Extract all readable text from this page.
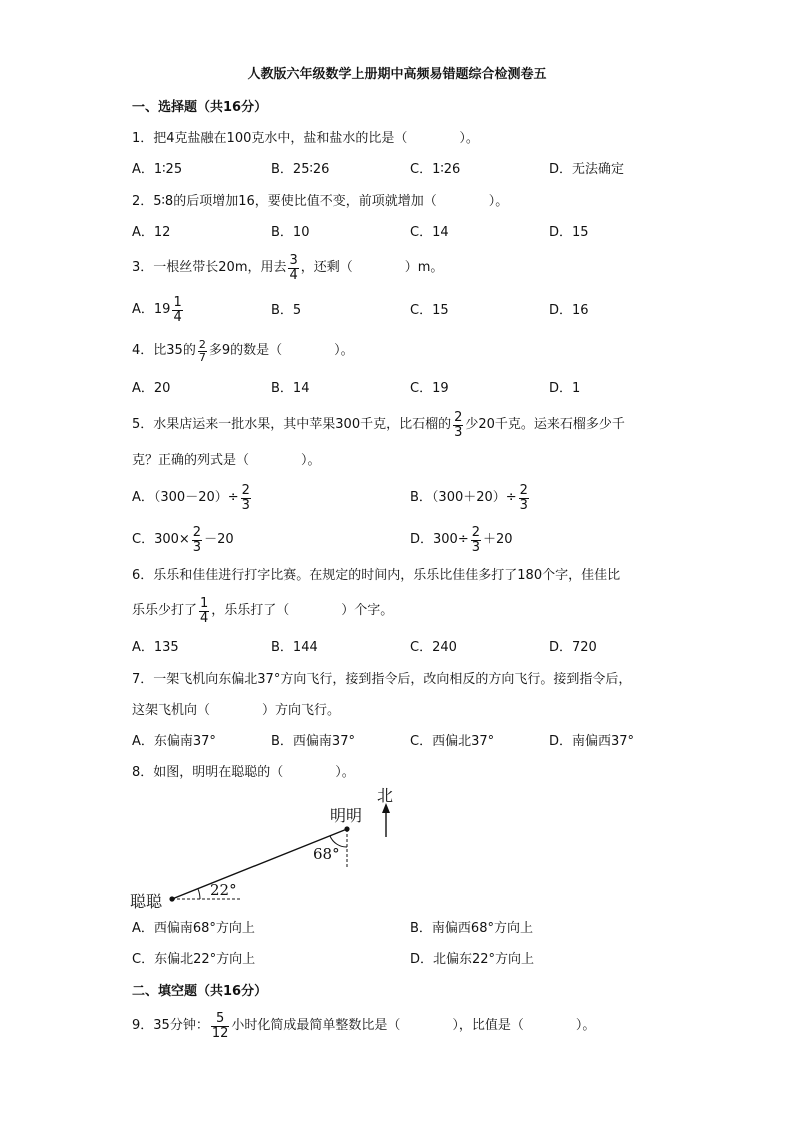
人教版六年级数学上册期中高频易错题综合检测卷五
一、选择题（共16分）
1．把4克盐融在100克水中，盐和盐水的比是（　　　　）。
A．1∶25	B．25∶26	C．1∶26	D．无法确定
2．5∶8的后项增加16，要使比值不变，前项就增加（　　　　）。
A．12	B．10	C．14	D．15
3．一根丝带长20m，用去 $\frac{3}{4}$ ，还剩（　　　　）m。
A． $19 \frac{1}{4}$	B．5	C．15	D．16
4．比35的 $\frac{2}{7}$ 多9的数是（　　　　）。
A．20	B．14	C．19	D．1
5．水果店运来一批水果，其中苹果300千克，比石榴的 $\frac{2}{3}$ 少20千克。运来石榴多少千
克？正确的列式是（　　　　）。
A．$(300-20)\div \frac{2}{3}$	B．$(300+20)\div \frac{2}{3}$
C．$300\times \frac{2}{3} -20$	D．$300\div \frac{2}{3} +20$
6．乐乐和佳佳进行打字比赛。在规定的时间内，乐乐比佳佳多打了180个字，佳佳比
乐乐少打了 $\frac{1}{4}$ ，乐乐打了（　　　　）个字。
A．135	B．144	C．240	D．720
7．一架飞机向东偏北37°方向飞行，接到指令后，改向相反的方向飞行。接到指令后，
这架飞机向（　　　　）方向飞行。
A．东偏南37°	B．西偏南37°	C．西偏北37°	D．南偏西37°
8．如图，明明在聪聪的（　　　　）。
北
明明
聪聪
68°
22°
A．西偏南68°方向上	B．南偏西68°方向上
C．东偏北22°方向上	D．北偏东22°方向上
二、填空题（共16分）
9．35分钟： $\frac{5}{12}$ 小时化简成最简单整数比是（　　　　），比值是（　　　　）。
